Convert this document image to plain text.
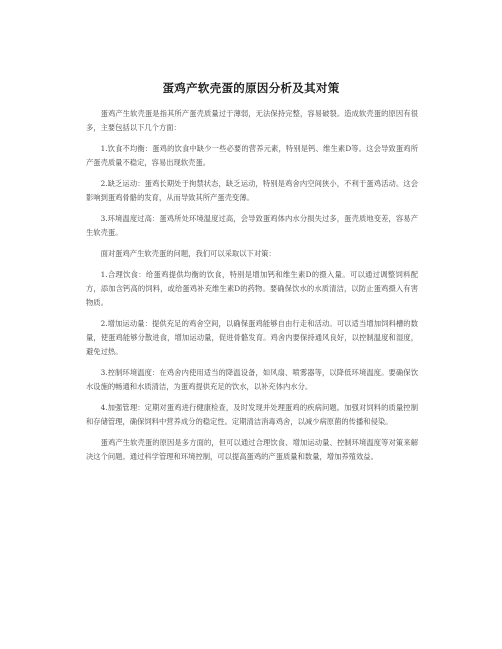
蛋鸡产软壳蛋的原因分析及其对策

蛋鸡产生软壳蛋是指其所产蛋壳质量过于薄弱，无法保持完整，容易破裂。造成软壳蛋的原因有很多，主要包括以下几个方面：

1.饮食不均衡：蛋鸡的饮食中缺少一些必要的营养元素，特别是钙、维生素D等。这会导致蛋鸡所产蛋壳质量不稳定，容易出现软壳蛋。

2.缺乏运动：蛋鸡长期处于拘禁状态，缺乏运动，特别是鸡舍内空间狭小，不利于蛋鸡活动。这会影响到蛋鸡骨骼的发育，从而导致其所产蛋壳变薄。

3.环境温度过高：蛋鸡所处环境温度过高，会导致蛋鸡体内水分损失过多，蛋壳质地变差，容易产生软壳蛋。

面对蛋鸡产生软壳蛋的问题，我们可以采取以下对策：

1.合理饮食：给蛋鸡提供均衡的饮食，特别是增加钙和维生素D的摄入量。可以通过调整饲料配方，添加含钙高的饲料，或给蛋鸡补充维生素D的药物。要确保饮水的水质清洁，以防止蛋鸡摄入有害物质。

2.增加运动量：提供充足的鸡舍空间，以确保蛋鸡能够自由行走和活动。可以适当增加饲料槽的数量，使蛋鸡能够分散进食，增加运动量，促进骨骼发育。鸡舍内要保持通风良好，以控制温度和湿度，避免过热。

3.控制环境温度：在鸡舍内使用适当的降温设备，如风扇、喷雾器等，以降低环境温度。要确保饮水设施的畅通和水质清洁，为蛋鸡提供充足的饮水，以补充体内水分。

4.加强管理：定期对蛋鸡进行健康检查，及时发现并处理蛋鸡的疾病问题。加强对饲料的质量控制和存储管理，确保饲料中营养成分的稳定性。定期清洁消毒鸡舍，以减少病原菌的传播和侵染。

蛋鸡产生软壳蛋的原因是多方面的，但可以通过合理饮食、增加运动量、控制环境温度等对策来解决这个问题。通过科学管理和环境控制，可以提高蛋鸡的产蛋质量和数量，增加养殖效益。
